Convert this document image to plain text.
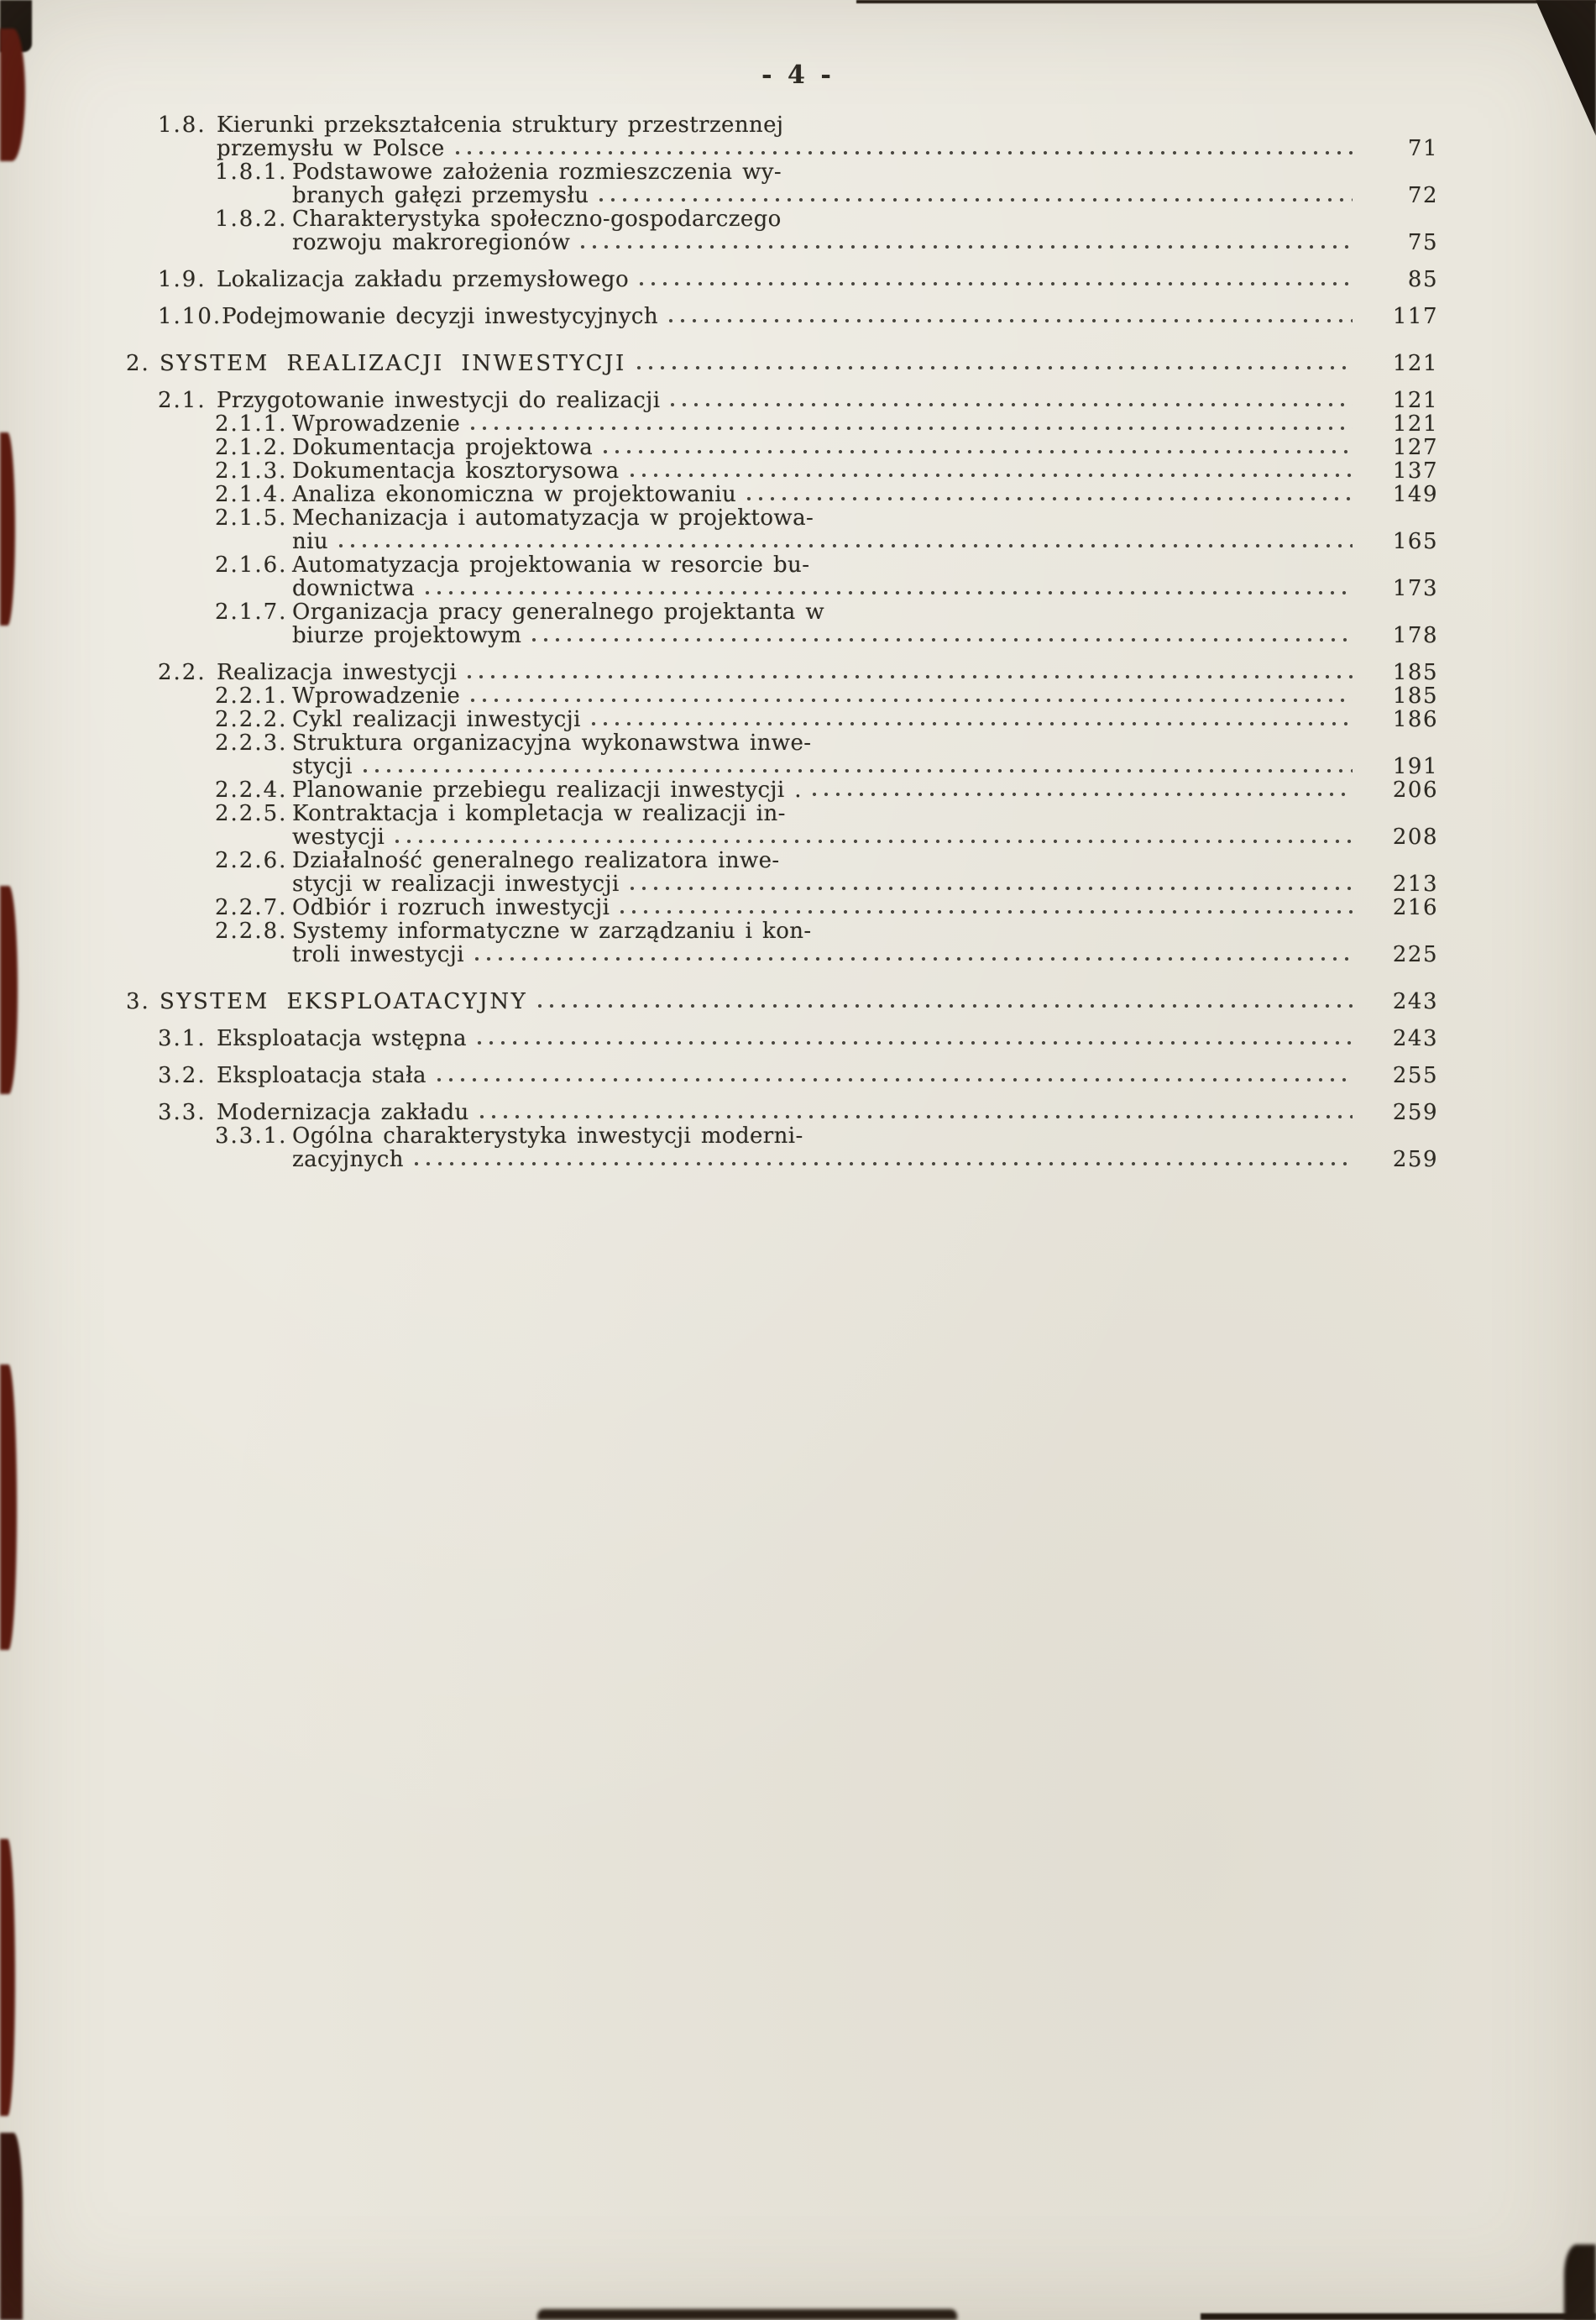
- 4 -
1.8. Kierunki przekształcenia struktury przestrzennej
przemysłu w Polsce	71
1.8.1. Podstawowe założenia rozmieszczenia wy-
branych gałęzi przemysłu	72
1.8.2. Charakterystyka społeczno-gospodarczego
rozwoju makroregionów	75
1.9. Lokalizacja zakładu przemysłowego	85
1.10. Podejmowanie decyzji inwestycyjnych	117
2. SYSTEM REALIZACJI INWESTYCJI	121
2.1. Przygotowanie inwestycji do realizacji	121
2.1.1. Wprowadzenie	121
2.1.2. Dokumentacja projektowa	127
2.1.3. Dokumentacja kosztorysowa	137
2.1.4. Analiza ekonomiczna w projektowaniu	149
2.1.5. Mechanizacja i automatyzacja w projektowa-
niu	165
2.1.6. Automatyzacja projektowania w resorcie bu-
downictwa	173
2.1.7. Organizacja pracy generalnego projektanta w
biurze projektowym	178
2.2. Realizacja inwestycji	185
2.2.1. Wprowadzenie	185
2.2.2. Cykl realizacji inwestycji	186
2.2.3. Struktura organizacyjna wykonawstwa inwe-
stycji	191
2.2.4. Planowanie przebiegu realizacji inwestycji .	206
2.2.5. Kontraktacja i kompletacja w realizacji in-
westycji	208
2.2.6. Działalność generalnego realizatora inwe-
stycji w realizacji inwestycji	213
2.2.7. Odbiór i rozruch inwestycji	216
2.2.8. Systemy informatyczne w zarządzaniu i kon-
troli inwestycji	225
3. SYSTEM EKSPLOATACYJNY	243
3.1. Eksploatacja wstępna	243
3.2. Eksploatacja stała	255
3.3. Modernizacja zakładu	259
3.3.1. Ogólna charakterystyka inwestycji moderni-
zacyjnych	259
